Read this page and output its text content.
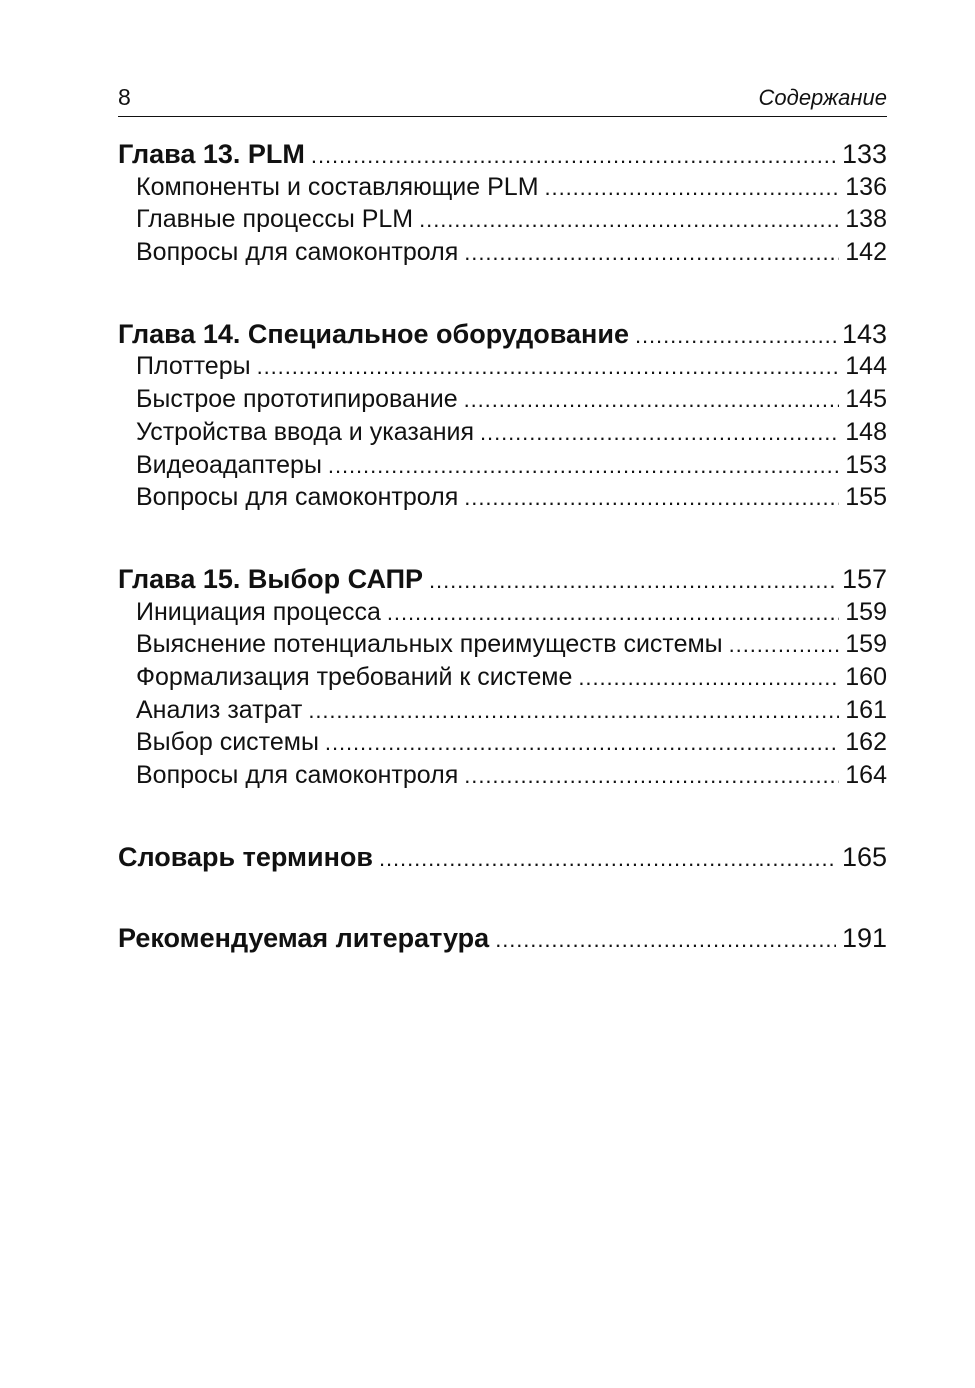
8	Содержание
Глава 13. PLM . . .	133
Компоненты и составляющие PLM . . .	136
Главные процессы PLM . . .	138
Вопросы для самоконтроля . . .	142
Глава 14. Специальное оборудование . . .	143
Плоттеры . . .	144
Быстрое прототипирование . . .	145
Устройства ввода и указания . . .	148
Видеоадаптеры . . .	153
Вопросы для самоконтроля . . .	155
Глава 15. Выбор САПР . . .	157
Инициация процесса . . .	159
Выяснение потенциальных преимуществ системы . . .	159
Формализация требований к системе . . .	160
Анализ затрат . . .	161
Выбор системы . . .	162
Вопросы для самоконтроля . . .	164
Словарь терминов . . .	165
Рекомендуемая литература . . .	191
